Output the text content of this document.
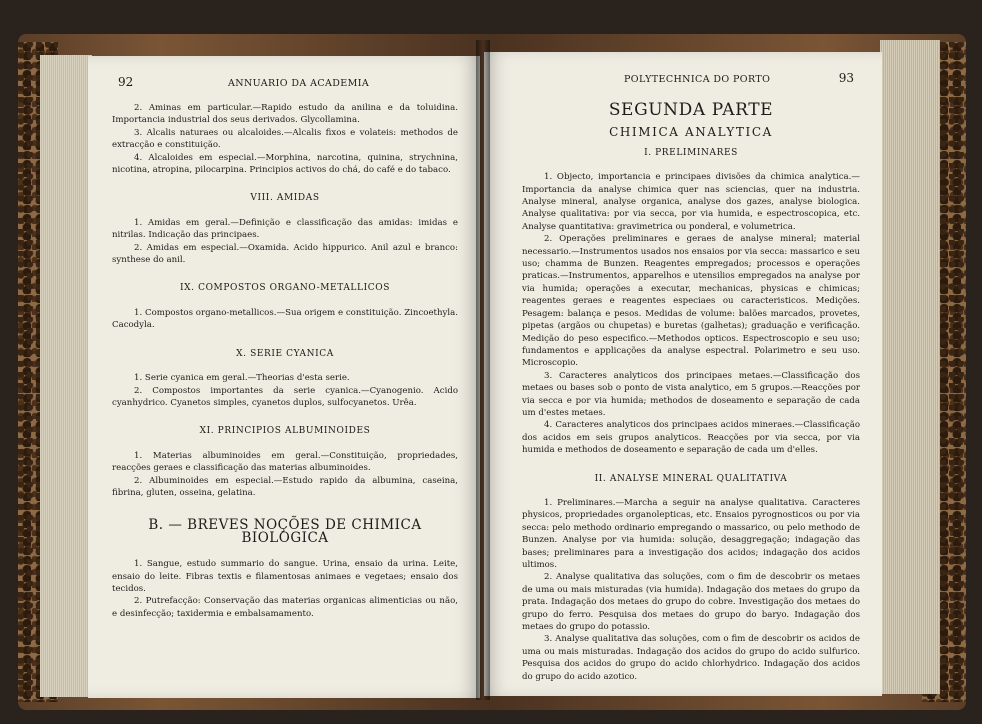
92	ANNUARIO DA ACADEMIA

2. Aminas em particular.—Rapido estudo da anilina e da toluidina. Importancia industrial dos seus derivados. Glycollamina.

3. Alcalis naturaes ou alcaloides.—Alcalis fixos e volateis: methodos de extracção e constituição.

4. Alcaloides em especial.—Morphina, narcotina, quinina, strychnina, nicotina, atropina, pilocarpina. Principios activos do chá, do café e do tabaco.

VIII. AMIDAS

1. Amidas em geral.—Definição e classificação das amidas: imidas e nitrilas. Indicação das principaes.

2. Amidas em especial.—Oxamida. Acido hippurico. Anil azul e branco: synthese do anil.

IX. COMPOSTOS ORGANO-METALLICOS

1. Compostos organo-metallicos.—Sua origem e constituição. Zincoethyla. Cacodyla.

X. SERIE CYANICA

1. Serie cyanica em geral.—Theorias d'esta serie.

2. Compostos importantes da serie cyanica.—Cyanogenio. Acido cyanhydrico. Cyanetos simples, cyanetos duplos, sulfocyanetos. Urêa.

XI. PRINCIPIOS ALBUMINOIDES

1. Materias albuminoides em geral.—Constituição, propriedades, reacções geraes e classificação das materias albuminoides.

2. Albuminoides em especial.—Estudo rapido da albumina, caseina, fibrina, gluten, osseina, gelatina.

B. — BREVES NOÇÕES DE CHIMICA BIOLOGICA

1. Sangue, estudo summario do sangue. Urina, ensaio da urina. Leite, ensaio do leite. Fibras textis e filamentosas animaes e vegetaes; ensaio dos tecidos.

2. Putrefacção: Conservação das materias organicas alimenticias ou não, e desinfecção; taxidermia e embalsamamento.

POLYTECHNICA DO PORTO	93
SEGUNDA PARTE
CHIMICA ANALYTICA
I. PRELIMINARES

1. Objecto, importancia e principaes divisões da chimica analytica.—Importancia da analyse chimica quer nas sciencias, quer na industria. Analyse mineral, analyse organica, analyse dos gazes, analyse biologica. Analyse qualitativa: por via secca, por via humida, e espectroscopica, etc. Analyse quantitativa: gravimetrica ou ponderal, e volumetrica.

2. Operações preliminares e geraes de analyse mineral; material necessario.—Instrumentos usados nos ensaios por via secca: massarico e seu uso; chamma de Bunzen. Reagentes empregados; processos e operações praticas.—Instrumentos, apparelhos e utensilios empregados na analyse por via humida; operações a executar, mechanicas, physicas e chimicas; reagentes geraes e reagentes especiaes ou caracteristicos. Medições. Pesagem: balança e pesos. Medidas de volume: balões marcados, provetes, pipetas (argãos ou chupetas) e buretas (galhetas); graduação e verificação. Medição do peso especifico.—Methodos opticos. Espectroscopio e seu uso; fundamentos e applicações da analyse espectral. Polarimetro e seu uso. Microscopio.

3. Caracteres analyticos dos principaes metaes.—Classificação dos metaes ou bases sob o ponto de vista analytico, em 5 grupos.—Reacções por via secca e por via humida; methodos de doseamento e separação de cada um d'estes metaes.

4. Caracteres analyticos dos principaes acidos mineraes.—Classificação dos acidos em seis grupos analyticos. Reacções por via secca, por via humida e methodos de doseamento e separação de cada um d'elles.

II. ANALYSE MINERAL QUALITATIVA

1. Preliminares.—Marcha a seguir na analyse qualitativa. Caracteres physicos, propriedades organolepticas, etc. Ensaios pyrognosticos ou por via secca: pelo methodo ordinario empregando o massarico, ou pelo methodo de Bunzen. Analyse por via humida: solução, desaggregação; indagação das bases; preliminares para a investigação dos acidos; indagação dos acidos ultimos.

2. Analyse qualitativa das soluções, com o fim de descobrir os metaes de uma ou mais misturadas (via humida). Indagação dos metaes do grupo da prata. Indagação dos metaes do grupo do cobre. Investigação dos metaes do grupo do ferro. Pesquisa dos metaes do grupo do baryo. Indagação dos metaes do grupo do potassio.

3. Analyse qualitativa das soluções, com o fim de descobrir os acidos de uma ou mais misturadas. Indagação dos acidos do grupo do acido sulfurico. Pesquisa dos acidos do grupo do acido chlorhydrico. Indagação dos acidos do grupo do acido azotico.
